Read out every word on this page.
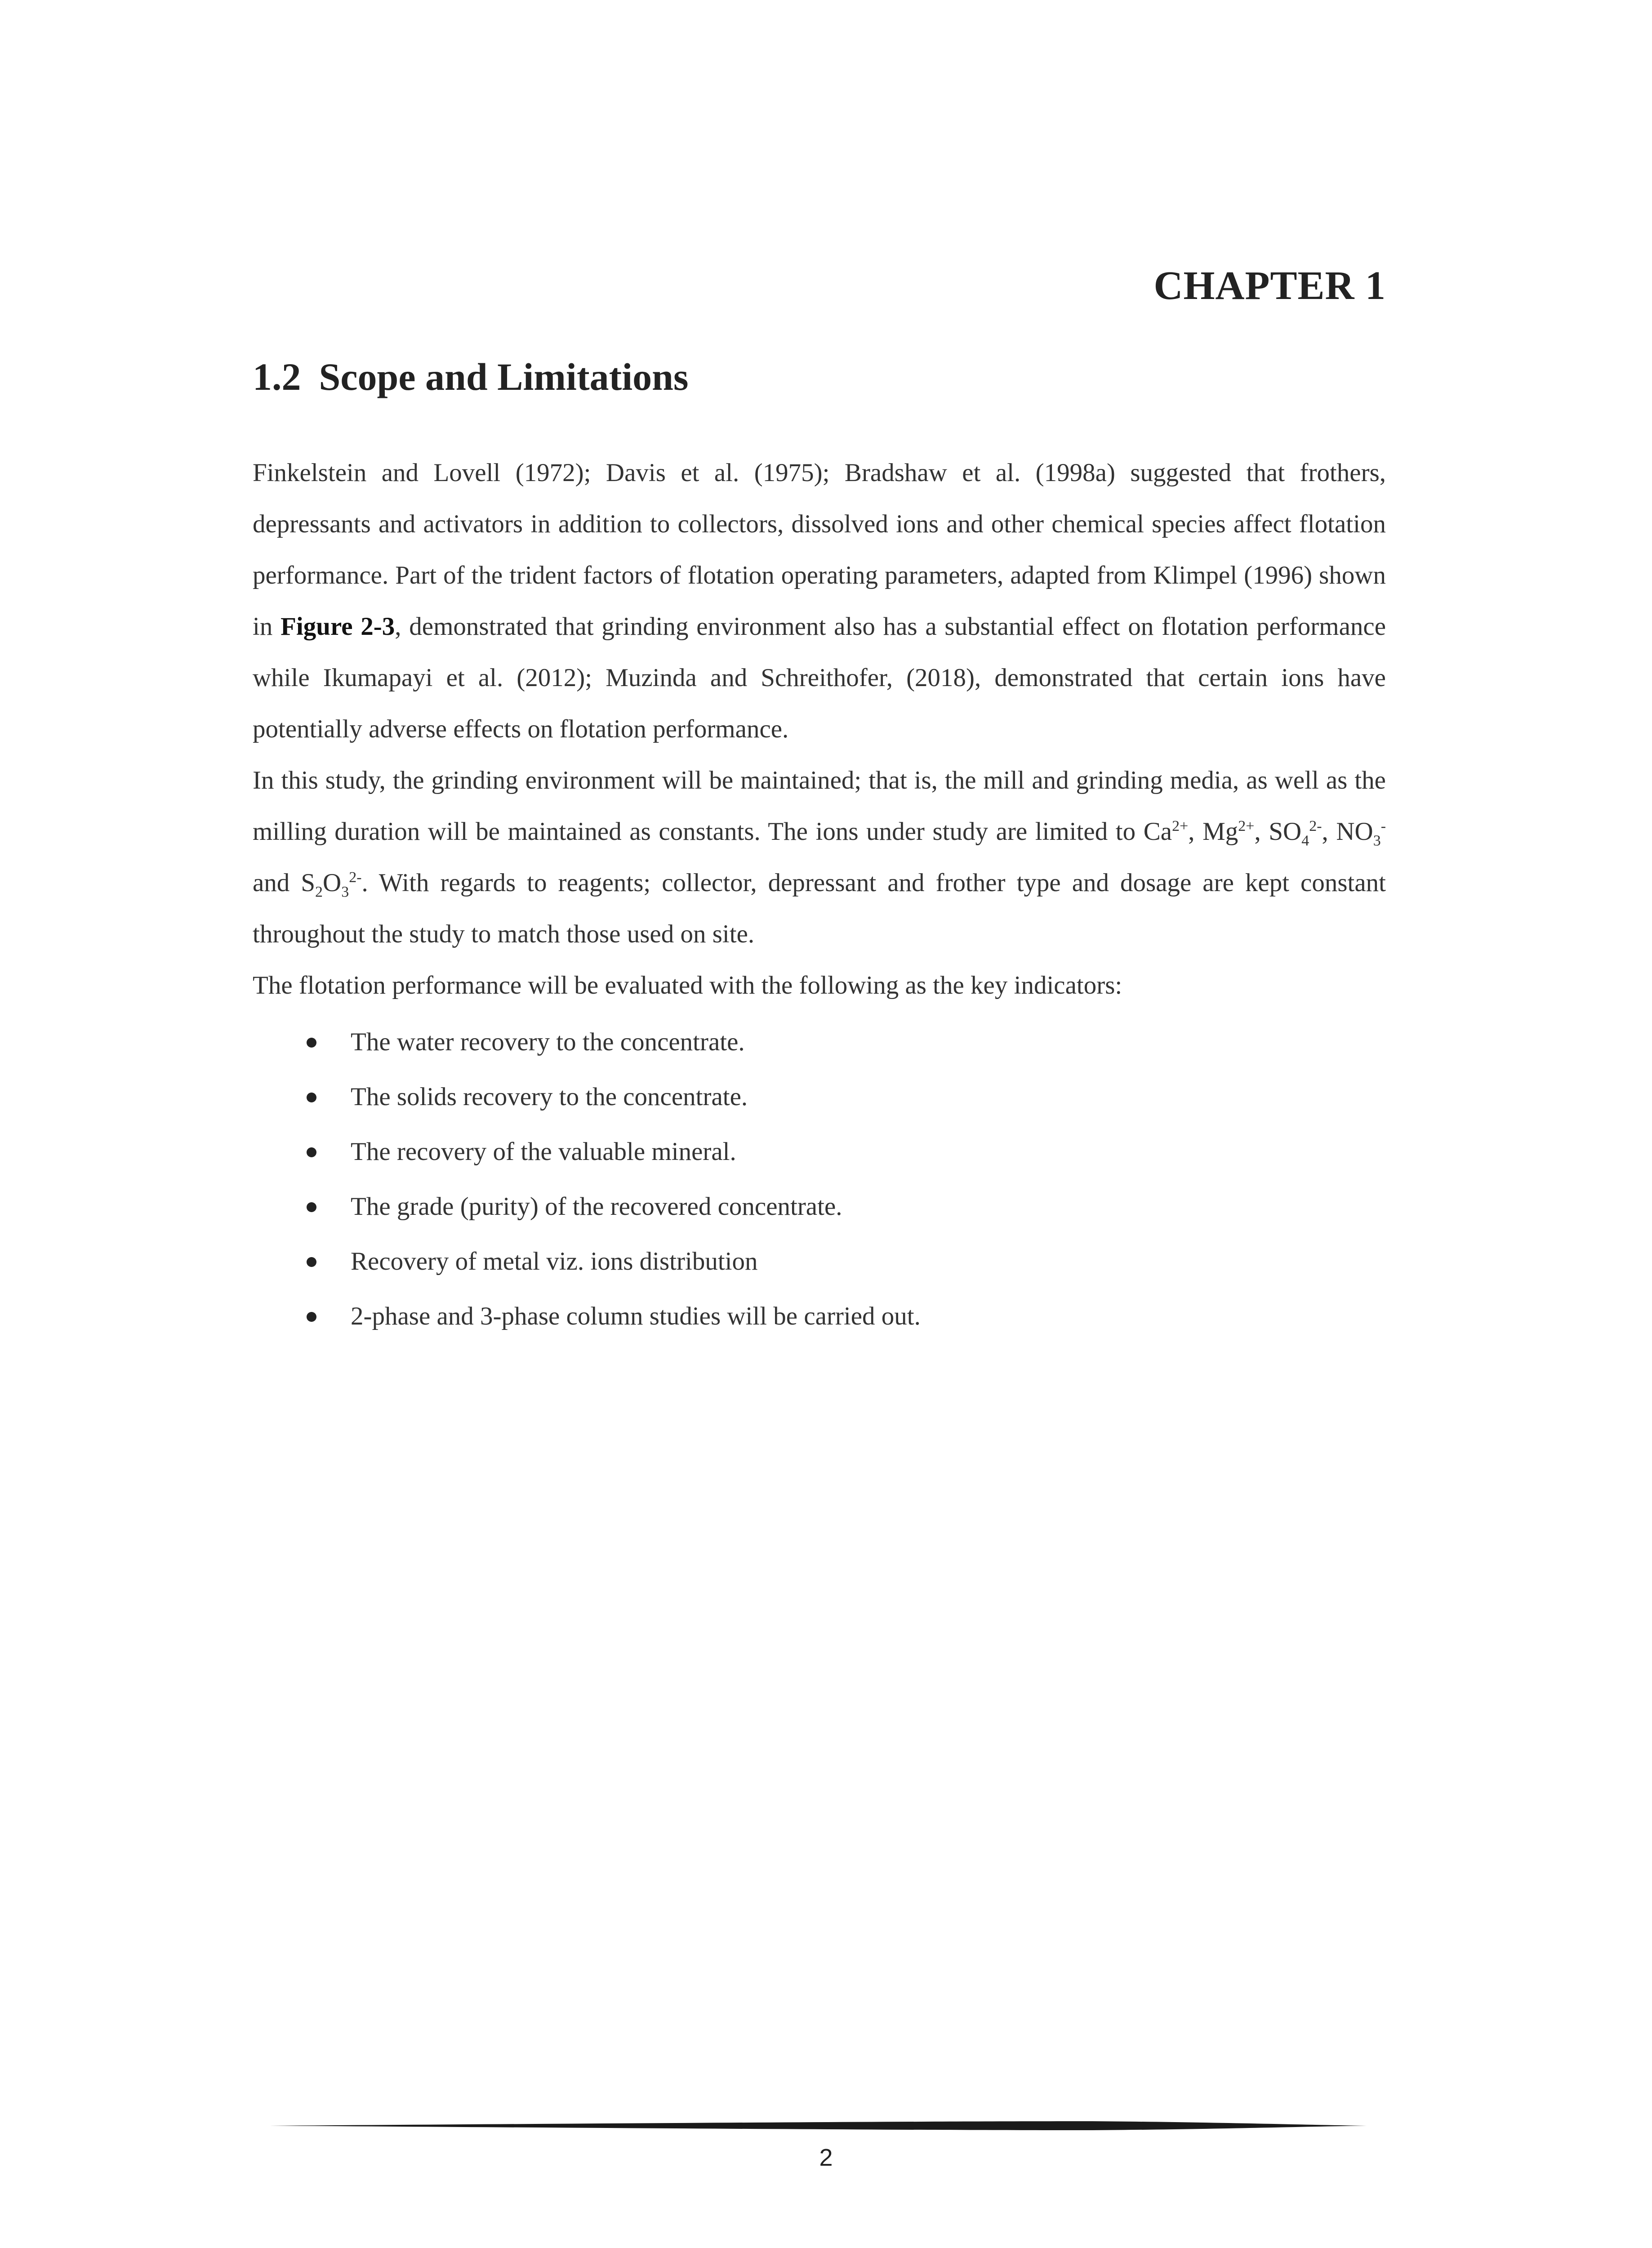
CHAPTER 1
1.2 Scope and Limitations

Finkelstein and Lovell (1972); Davis et al. (1975); Bradshaw et al. (1998a) suggested that frothers, depressants and activators in addition to collectors, dissolved ions and other chemical species affect flotation performance. Part of the trident factors of flotation operating parameters, adapted from Klimpel (1996) shown in Figure 2-3, demonstrated that grinding environment also has a substantial effect on flotation performance while Ikumapayi et al. (2012); Muzinda and Schreithofer, (2018), demonstrated that certain ions have potentially adverse effects on flotation performance.

In this study, the grinding environment will be maintained; that is, the mill and grinding media, as well as the milling duration will be maintained as constants. The ions under study are limited to $Ca^{2+}$, $Mg^{2+}$, $SO_4^{2-}$, $NO_3^-$ and $S_2O_3^{2-}$. With regards to reagents; collector, depressant and frother type and dosage are kept constant throughout the study to match those used on site.

The flotation performance will be evaluated with the following as the key indicators:

The water recovery to the concentrate.
The solids recovery to the concentrate.
The recovery of the valuable mineral.
The grade (purity) of the recovered concentrate.
Recovery of metal viz. ions distribution
2-phase and 3-phase column studies will be carried out.
2
